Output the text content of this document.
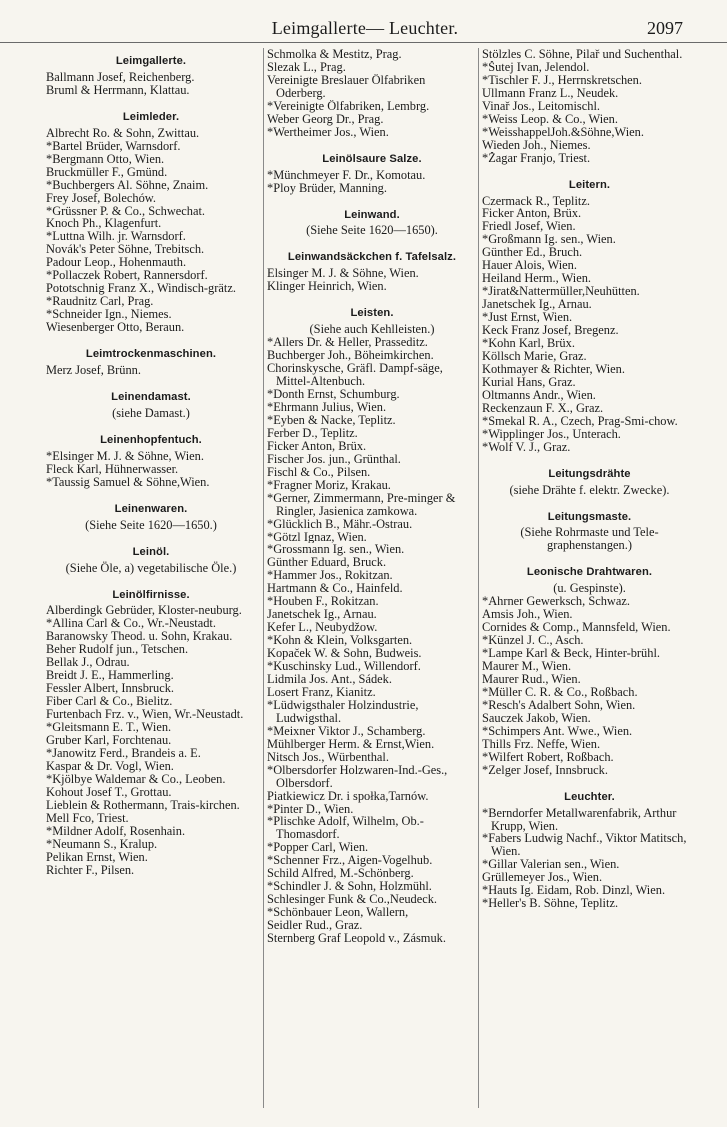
Leimgallerte— Leuchter.	2097
Leimgallerte.
Ballmann Josef, Reichenberg.
Bruml & Herrmann, Klattau.
Leimleder.
Albrecht Ro. & Sohn, Zwittau.
*Bartel Brüder, Warnsdorf.
*Bergmann Otto, Wien.
Bruckmüller F., Gmünd.
*Buchbergers Al. Söhne, Znaim.
Frey Josef, Bolechów.
*Grüssner P. & Co., Schwechat.
Knoch Ph., Klagenfurt.
*Luttna Wilh. jr. Warnsdorf.
Novák's Peter Söhne, Trebitsch.
Padour Leop., Hohenmauth.
*Pollaczek Robert, Rannersdorf.
Pototschnig Franz X., Windisch-grätz.
*Raudnitz Carl, Prag.
*Schneider Ign., Niemes.
Wiesenberger Otto, Beraun.
Leimtrockenmaschinen.
Merz Josef, Brünn.
Leinendamast.
(siehe Damast.)
Leinenhopfentuch.
*Elsinger M. J. & Söhne, Wien.
Fleck Karl, Hühnerwasser.
*Taussig Samuel & Söhne,Wien.
Leinenwaren.
(Siehe Seite 1620—1650.)
Leinöl.
(Siehe Öle, a) vegetabilische Öle.)
Leinölfirnisse.
Alberdingk Gebrüder, Kloster-neuburg.
*Allina Carl & Co., Wr.-Neustadt.
Baranowsky Theod. u. Sohn, Krakau.
Beher Rudolf jun., Tetschen.
Bellak J., Odrau.
Breidt J. E., Hammerling.
Fessler Albert, Innsbruck.
Fiber Carl & Co., Bielitz.
Furtenbach Frz. v., Wien, Wr.-Neustadt.
*Gleitsmann E. T., Wien.
Gruber Karl, Forchtenau.
*Janowitz Ferd., Brandeis a. E.
Kaspar & Dr. Vogl, Wien.
*Kjölbye Waldemar & Co., Leoben.
Kohout Josef T., Grottau.
Lieblein & Rothermann, Trais-kirchen.
Mell Fco, Triest.
*Mildner Adolf, Rosenhain.
*Neumann S., Kralup.
Pelikan Ernst, Wien.
Richter F., Pilsen.
Schmolka & Mestitz, Prag.
Slezak L., Prag.
Vereinigte Breslauer Ölfabriken Oderberg.
*Vereinigte Ölfabriken, Lembrg.
Weber Georg Dr., Prag.
*Wertheimer Jos., Wien.
Leinölsaure Salze.
*Münchmeyer F. Dr., Komotau.
*Ploy Brüder, Manning.
Leinwand.
(Siehe Seite 1620—1650).
Leinwandsäckchen f. Tafelsalz.
Elsinger M. J. & Söhne, Wien.
Klinger Heinrich, Wien.
Leisten.
(Siehe auch Kehlleisten.)
*Allers Dr. & Heller, Prasseditz.
Buchberger Joh., Böheimkirchen.
Chorinskysche, Gräfl. Dampf-säge, Mittel-Altenbuch.
*Donth Ernst, Schumburg.
*Ehrmann Julius, Wien.
*Eyben & Nacke, Teplitz.
Ferber D., Teplitz.
Ficker Anton, Brüx.
Fischer Jos. jun., Grünthal.
Fischl & Co., Pilsen.
*Fragner Moriz, Krakau.
*Gerner, Zimmermann, Pre-minger & Ringler, Jasienica zamkowa.
*Glücklich B., Mähr.-Ostrau.
*Götzl Ignaz, Wien.
*Grossmann Ig. sen., Wien.
Günther Eduard, Bruck.
*Hammer Jos., Rokitzan.
Hartmann & Co., Hainfeld.
*Houben F., Rokitzan.
Janetschek Ig., Arnau.
Kefer L., Neubydžow.
*Kohn & Klein, Volksgarten.
Kopaček W. & Sohn, Budweis.
*Kuschinsky Lud., Willendorf.
Lidmila Jos. Ant., Sádek.
Losert Franz, Kianitz.
*Lüdwigsthaler Holzindustrie, Ludwigsthal.
*Meixner Viktor J., Schamberg.
Mühlberger Herm. & Ernst,Wien.
Nitsch Jos., Würbenthal.
*Olbersdorfer Holzwaren-Ind.-Ges., Olbersdorf.
Piatkiewicz Dr. i społka,Tarnów.
*Pinter D., Wien.
*Plischke Adolf, Wilhelm, Ob.-Thomasdorf.
*Popper Carl, Wien.
*Schenner Frz., Aigen-Vogelhub.
Schild Alfred, M.-Schönberg.
*Schindler J. & Sohn, Holzmühl.
Schlesinger Funk & Co.,Neudeck.
*Schönbauer Leon, Wallern,
Seidler Rud., Graz.
Sternberg Graf Leopold v., Zásmuk.
Stölzles C. Söhne, Pilař und Suchenthal.
*Šutej Ivan, Jelendol.
*Tischler F. J., Herrnskretschen.
Ullmann Franz L., Neudek.
Vinař Jos., Leitomischl.
*Weiss Leop. & Co., Wien.
*WeisshappelJoh.&Söhne,Wien.
Wieden Joh., Niemes.
*Žagar Franjo, Triest.
Leitern.
Czermack R., Teplitz.
Ficker Anton, Brüx.
Friedl Josef, Wien.
*Großmann Ig. sen., Wien.
Günther Ed., Bruch.
Hauer Alois, Wien.
Heiland Herm., Wien.
*Jirat&Nattermüller,Neuhütten.
Janetschek Ig., Arnau.
*Just Ernst, Wien.
Keck Franz Josef, Bregenz.
*Kohn Karl, Brüx.
Köllsch Marie, Graz.
Kothmayer & Richter, Wien.
Kurial Hans, Graz.
Oltmanns Andr., Wien.
Reckenzaun F. X., Graz.
*Smekal R. A., Czech, Prag-Smi-chow.
*Wipplinger Jos., Unterach.
*Wolf V. J., Graz.
Leitungsdrähte
(siehe Drähte f. elektr. Zwecke).
Leitungsmaste.
(Siehe Rohrmaste und Tele-graphenstangen.)
Leonische Drahtwaren.
(u. Gespinste).
*Ahrner Gewerksch, Schwaz.
Amsis Joh., Wien.
Cornides & Comp., Mannsfeld, Wien.
*Künzel J. C., Asch.
*Lampe Karl & Beck, Hinter-brühl.
Maurer M., Wien.
Maurer Rud., Wien.
*Müller C. R. & Co., Roßbach.
*Resch's Adalbert Sohn, Wien.
Sauczek Jakob, Wien.
*Schimpers Ant. Wwe., Wien.
Thills Frz. Neffe, Wien.
*Wilfert Robert, Roßbach.
*Zelger Josef, Innsbruck.
Leuchter.
*Berndorfer Metallwarenfabrik, Arthur Krupp, Wien.
*Fabers Ludwig Nachf., Viktor Matitsch, Wien.
*Gillar Valerian sen., Wien.
Grüllemeyer Jos., Wien.
*Hauts Ig. Eidam, Rob. Dinzl, Wien.
*Heller's B. Söhne, Teplitz.
